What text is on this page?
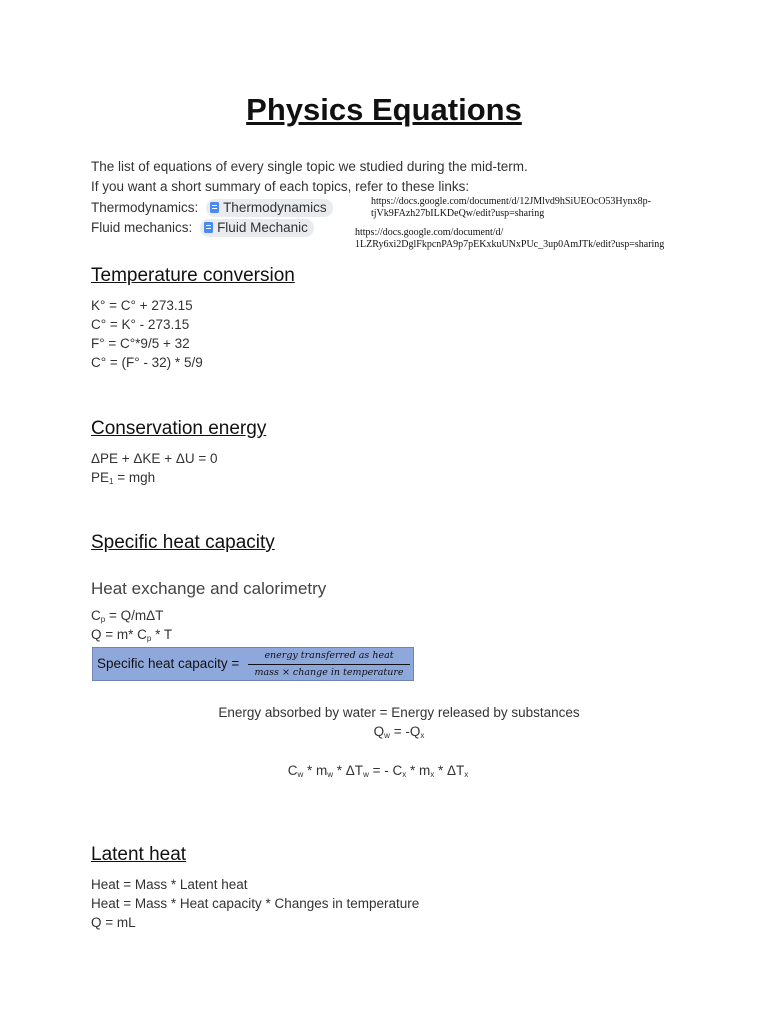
Physics Equations
The list of equations of every single topic we studied during the mid-term.
If you want a short summary of each topics, refer to these links:
Thermodynamics: Thermodynamics	https://docs.google.com/document/d/12JMlvd9hSiUEOcO53Hynx8p-
tjVk9FAzh27bILKDeQw/edit?usp=sharing
Fluid mechanics: Fluid Mechanic	https://docs.google.com/document/d/
1LZRy6xi2DglFkpcnPA9p7pEKxkuUNxPUc_3up0AmJTk/edit?usp=sharing
Temperature conversion
K° = C° + 273.15
C° = K° - 273.15
F° = C°*9/5 + 32
C° = (F° - 32) * 5/9
Conservation energy
ΔPE + ΔKE + ΔU = 0
$PE_1$ = mgh
Specific heat capacity
Heat exchange and calorimetry
$C_p = Q/m\Delta T$
Q = m* $C_p$ * T
Specific heat capacity =
energy transferred as heat
mass × change in temperature
Energy absorbed by water = Energy released by substances
$Q_w = -Q_x$
$C_w * m_w * \Delta T_w$ = - $C_x * m_x * \Delta T_x$
Latent heat
Heat = Mass * Latent heat
Heat = Mass * Heat capacity * Changes in temperature
Q = mL
